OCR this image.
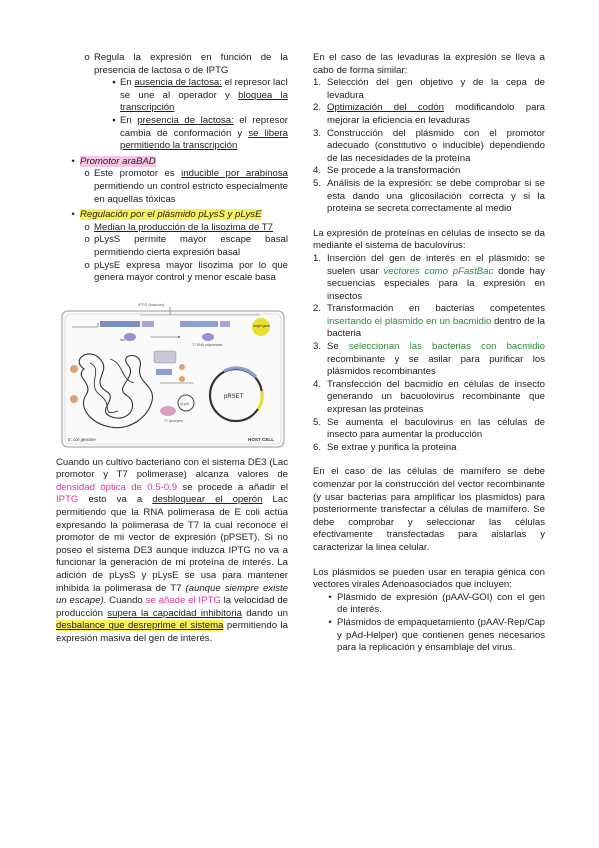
o Regula la expresión en función de la presencia de lactosa o de IPTG
▪ En ausencia de lactosa: el represor lacI se une al operador y bloquea la transcripción
▪ En presencia de lactosa: el represor cambia de conformación y se libera permitiendo la transcripción
• Promotor araBAD
o Este promotor es inducible por arabinosa permitiendo un control estricto especialmente en aquellas tóxicas
• Regulación por el plásmido pLysS y pLysE
o Median la producción de la lisozima de T7
o pLysS permite mayor escape basal permitiendo cierta expresión basal
o pLysE expresa mayor lisozima por lo que genera mayor control y menor escale basa
IPTG (inducer)
target gene
T7 RNA polymerase
lacI
T7 lysozyme
pLysS
pRSET
E. coli genome	HOST CELL

Cuando un cultivo bacteriano con el sistema DE3 (Lac promotor y T7 polimerase) alcanza valores de densidad óptica de 0.5-0.9 se procede a añadir el IPTG esto va a desbloquear el operón Lac permitiendo que la RNA polimerasa de E coli actúa expresando la polimerasa de T7 la cual reconoce el promotor de mi vector de expresión (pPSET). Si no poseo el sistema DE3 aunque induzca IPTG no va a funcionar la generación de mi proteína de interés. La adición de pLysS y pLysE se usa para mantener inhibida la polimerasa de T7 (aunque siempre existe un escape). Cuando se añade el IPTG la velocidad de producción supera la capacidad inhibitoria dando un desbalance que desreprime el sistema permitiendo la expresión masiva del gen de interés.

En el caso de las levaduras la expresión se lleva a cabo de forma similar:

1. Selección del gen objetivo y de la cepa de levadura
2. Optimización del codón modificandolo para mejorar la eficiencia en levaduras
3. Construcción del plásmido con el promotor adecuado (constitutivo o inducible) dependiendo de las necesidades de la proteína
4. Se procede a la transformación
5. Análisis de la expresión: se debe comprobar si se esta dando una glicosilación correcta y si la proteina se secreta correctamente al medio

La expresión de proteínas en células de insecto se da mediante el sistema de baculovirus:

1. Inserción del gen de interés en el plásmido: se suelen usar vectores como pFastBac donde hay secuencias especiales para la expresión en insectos
2. Transformación en bacterias competentes insertando el plásmido en un bacmidio dentro de la bacteria
3. Se seleccionan las bacterias con bacmidio recombinante y se asilar para purificar los plásmidos recombinantes
4. Transfección del bacmidio en células de insecto generando un bacuolovirus recombinante que expresan las proteinas
5. Se aumenta el baculovirus en las células de insecto para aumentar la producción
6. Se extrae y purifica la proteina

En el caso de las células de mamífero se debe comenzar por la construcción del vector recombinante (y usar bacterias para amplificar los plasmidos) para posteriormente transfectar a células de mamífero. Se debe comprobar y seleccionar las células efectivamente transfectadas para aislarlas y caracterizar la linea celular.

Los plásmidos se pueden usar en terapia génica con vectores virales Adenoasociados que incluyen:

• Plásmido de expresión (pAAV-GOI) con el gen de interés.
• Plásmidos de empaquetamiento (pAAV-Rep/Cap y pAd-Helper) que contienen genes necesarios para la replicación y ensamblaje del virus.
